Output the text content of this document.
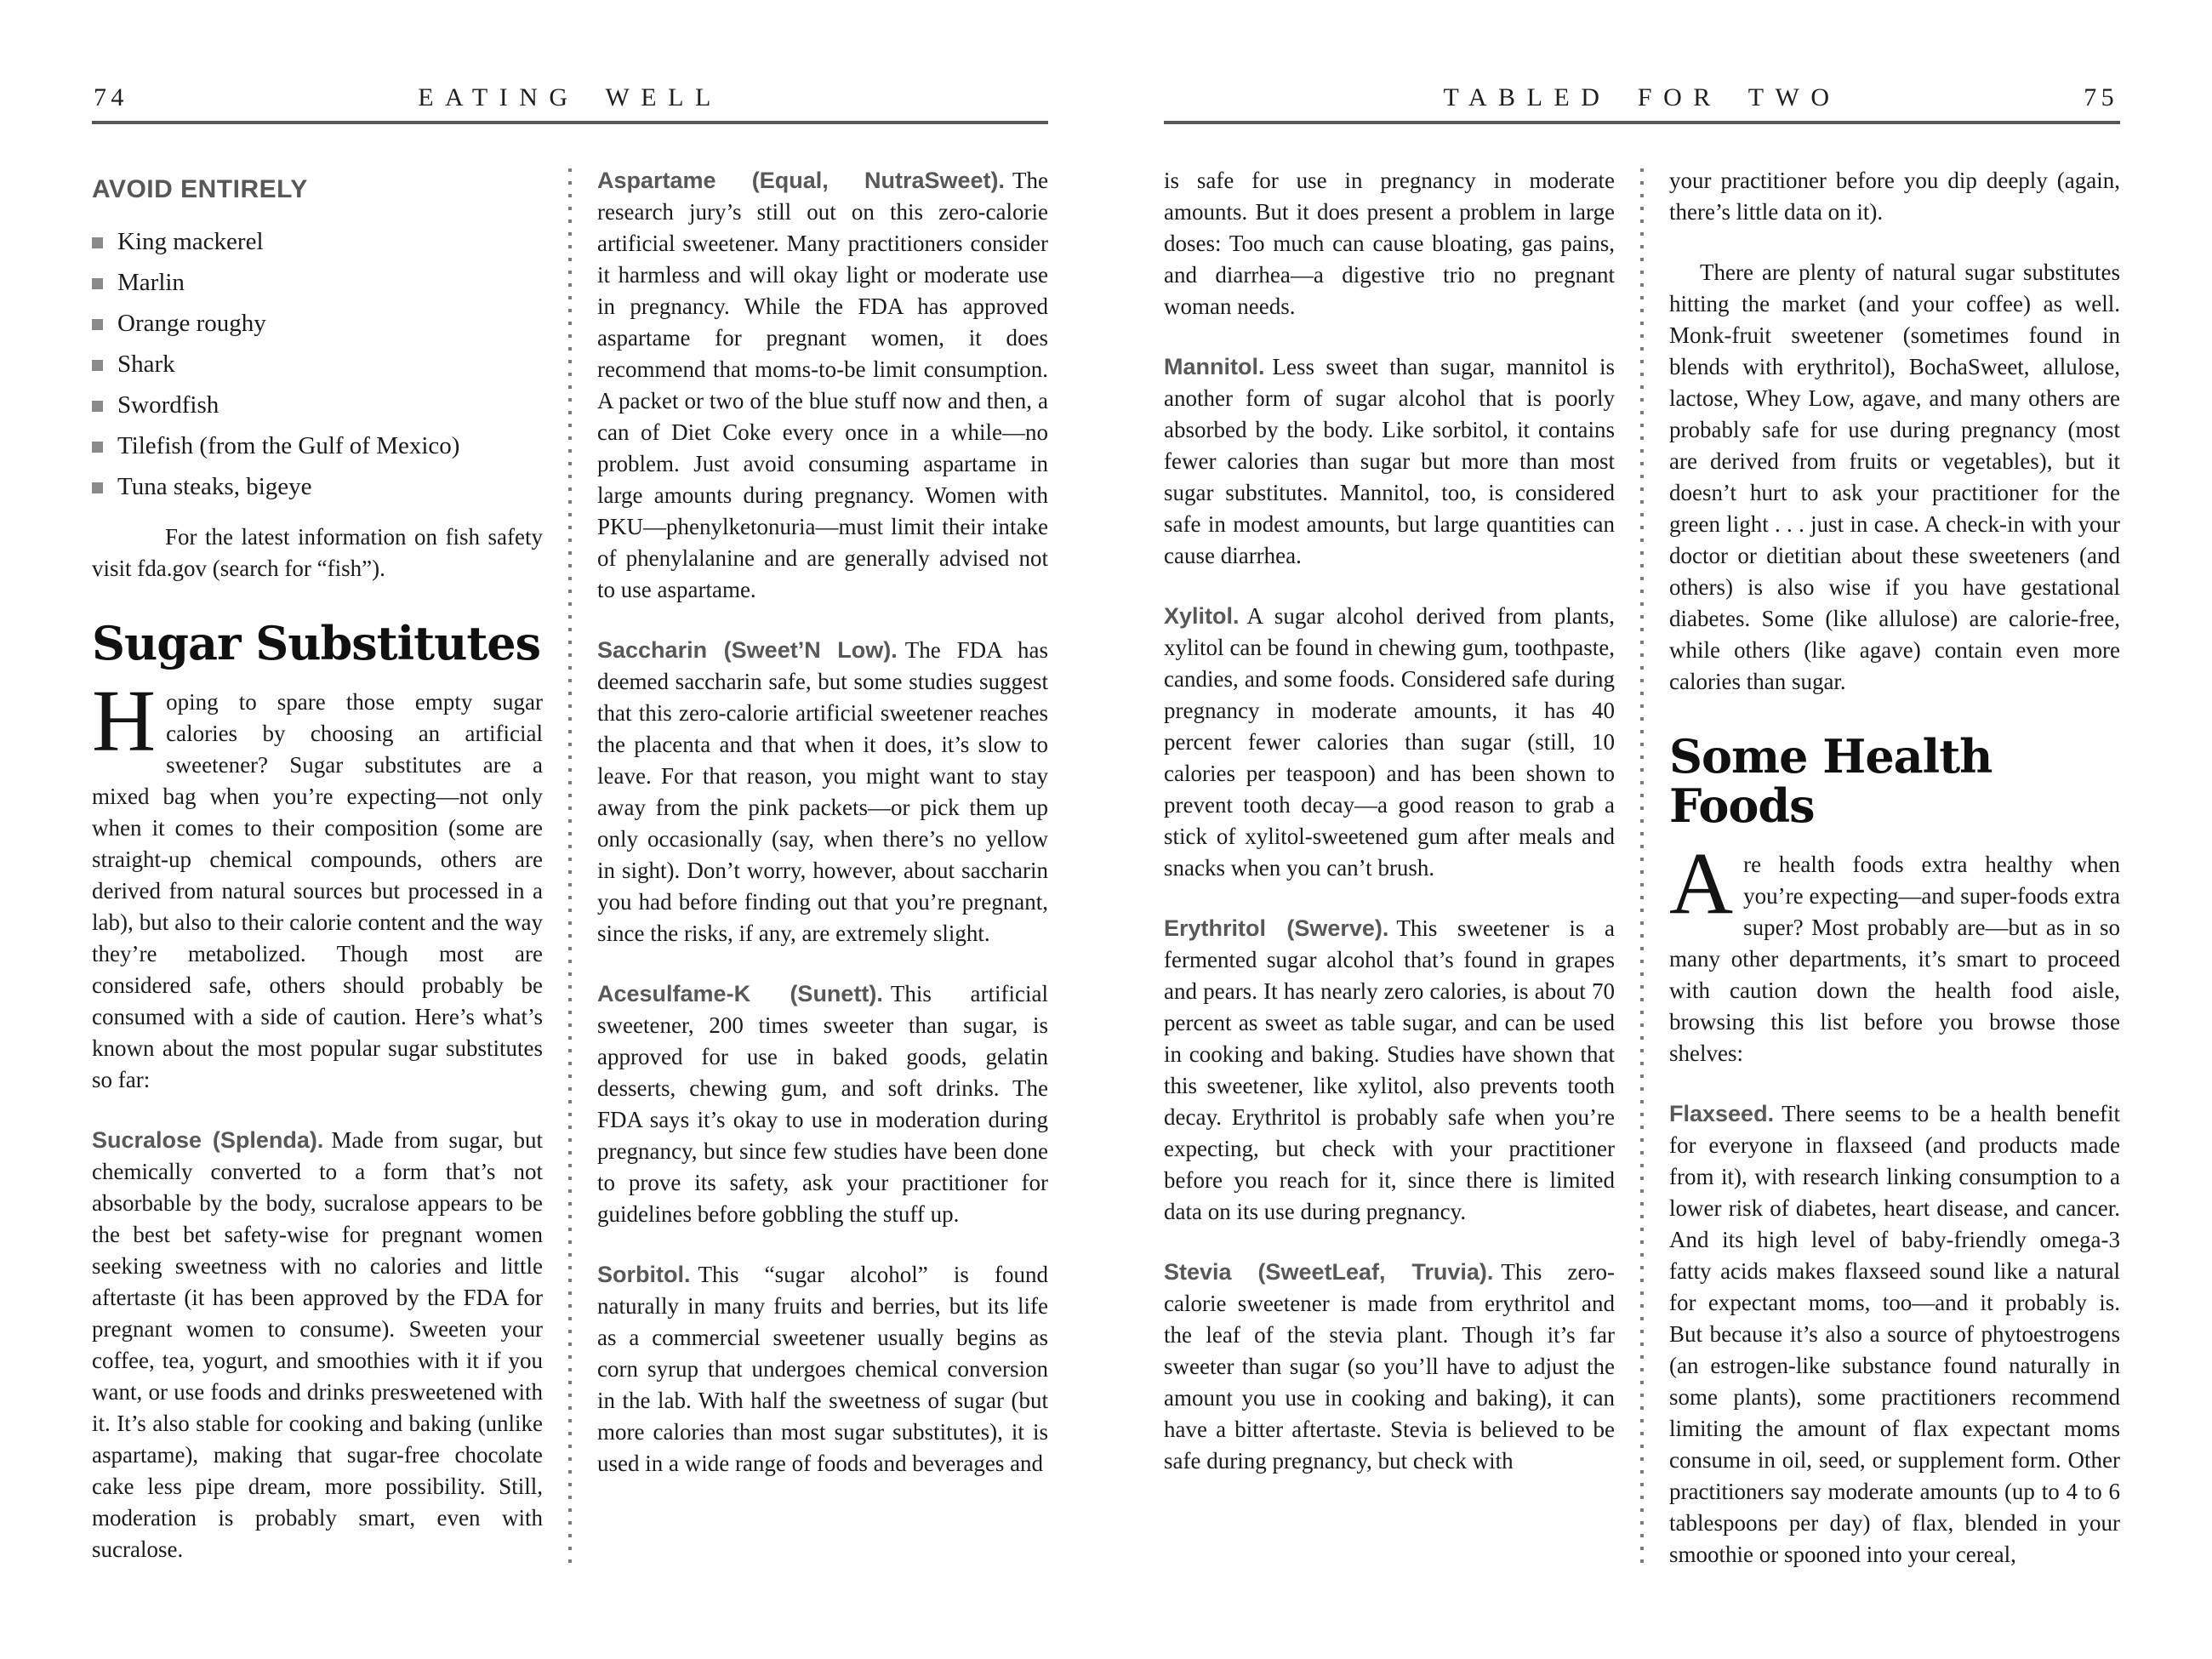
74	EATING WELL
AVOID ENTIRELY
King mackerel
Marlin
Orange roughy
Shark
Swordfish
Tilefish (from the Gulf of Mexico)
Tuna steaks, bigeye

For the latest information on fish safety visit fda.gov (search for “fish”).

Sugar Substitutes

Hoping to spare those empty sugar calories by choosing an artificial sweetener? Sugar substitutes are a mixed bag when you’re expecting—not only when it comes to their composition (some are straight-up chemical compounds, others are derived from natural sources but processed in a lab), but also to their calorie content and the way they’re metabolized. Though most are considered safe, others should probably be consumed with a side of caution. Here’s what’s known about the most popular sugar substitutes so far:

Sucralose (Splenda). Made from sugar, but chemically converted to a form that’s not absorbable by the body, sucralose appears to be the best bet safety-wise for pregnant women seeking sweetness with no calories and little aftertaste (it has been approved by the FDA for pregnant women to consume). Sweeten your coffee, tea, yogurt, and smoothies with it if you want, or use foods and drinks presweetened with it. It’s also stable for cooking and baking (unlike aspartame), making that sugar-free chocolate cake less pipe dream, more possibility. Still, moderation is probably smart, even with sucralose.

Aspartame (Equal, NutraSweet). The research jury’s still out on this zero-calorie artificial sweetener. Many practitioners consider it harmless and will okay light or moderate use in pregnancy. While the FDA has approved aspartame for pregnant women, it does recommend that moms-to-be limit consumption. A packet or two of the blue stuff now and then, a can of Diet Coke every once in a while—no problem. Just avoid consuming aspartame in large amounts during pregnancy. Women with PKU—phenylketonuria—must limit their intake of phenylalanine and are generally advised not to use aspartame.

Saccharin (Sweet’N Low). The FDA has deemed saccharin safe, but some studies suggest that this zero-calorie artificial sweetener reaches the placenta and that when it does, it’s slow to leave. For that reason, you might want to stay away from the pink packets—or pick them up only occasionally (say, when there’s no yellow in sight). Don’t worry, however, about saccharin you had before finding out that you’re pregnant, since the risks, if any, are extremely slight.

Acesulfame-K (Sunett). This artificial sweetener, 200 times sweeter than sugar, is approved for use in baked goods, gelatin desserts, chewing gum, and soft drinks. The FDA says it’s okay to use in moderation during pregnancy, but since few studies have been done to prove its safety, ask your practitioner for guidelines before gobbling the stuff up.

Sorbitol. This “sugar alcohol” is found naturally in many fruits and berries, but its life as a commercial sweetener usually begins as corn syrup that undergoes chemical conversion in the lab. With half the sweetness of sugar (but more calories than most sugar substitutes), it is used in a wide range of foods and beverages and

TABLED FOR TWO	75

is safe for use in pregnancy in moderate amounts. But it does present a problem in large doses: Too much can cause bloating, gas pains, and diarrhea—a digestive trio no pregnant woman needs.

Mannitol. Less sweet than sugar, mannitol is another form of sugar alcohol that is poorly absorbed by the body. Like sorbitol, it contains fewer calories than sugar but more than most sugar substitutes. Mannitol, too, is considered safe in modest amounts, but large quantities can cause diarrhea.

Xylitol. A sugar alcohol derived from plants, xylitol can be found in chewing gum, toothpaste, candies, and some foods. Considered safe during pregnancy in moderate amounts, it has 40 percent fewer calories than sugar (still, 10 calories per teaspoon) and has been shown to prevent tooth decay—a good reason to grab a stick of xylitol-sweetened gum after meals and snacks when you can’t brush.

Erythritol (Swerve). This sweetener is a fermented sugar alcohol that’s found in grapes and pears. It has nearly zero calories, is about 70 percent as sweet as table sugar, and can be used in cooking and baking. Studies have shown that this sweetener, like xylitol, also prevents tooth decay. Erythritol is probably safe when you’re expecting, but check with your practitioner before you reach for it, since there is limited data on its use during pregnancy.

Stevia (SweetLeaf, Truvia). This zero-calorie sweetener is made from erythritol and the leaf of the stevia plant. Though it’s far sweeter than sugar (so you’ll have to adjust the amount you use in cooking and baking), it can have a bitter aftertaste. Stevia is believed to be safe during pregnancy, but check with

your practitioner before you dip deeply (again, there’s little data on it).

There are plenty of natural sugar substitutes hitting the market (and your coffee) as well. Monk-fruit sweetener (sometimes found in blends with erythritol), BochaSweet, allulose, lactose, Whey Low, agave, and many others are probably safe for use during pregnancy (most are derived from fruits or vegetables), but it doesn’t hurt to ask your practitioner for the green light . . . just in case. A check-in with your doctor or dietitian about these sweeteners (and others) is also wise if you have gestational diabetes. Some (like allulose) are calorie-free, while others (like agave) contain even more calories than sugar.

Some Health Foods

Are health foods extra healthy when you’re expecting—and super-foods extra super? Most probably are—but as in so many other departments, it’s smart to proceed with caution down the health food aisle, browsing this list before you browse those shelves:

Flaxseed. There seems to be a health benefit for everyone in flaxseed (and products made from it), with research linking consumption to a lower risk of diabetes, heart disease, and cancer. And its high level of baby-friendly omega-3 fatty acids makes flaxseed sound like a natural for expectant moms, too—and it probably is. But because it’s also a source of phytoestrogens (an estrogen-like substance found naturally in some plants), some practitioners recommend limiting the amount of flax expectant moms consume in oil, seed, or supplement form. Other practitioners say moderate amounts (up to 4 to 6 tablespoons per day) of flax, blended in your smoothie or spooned into your cereal,
